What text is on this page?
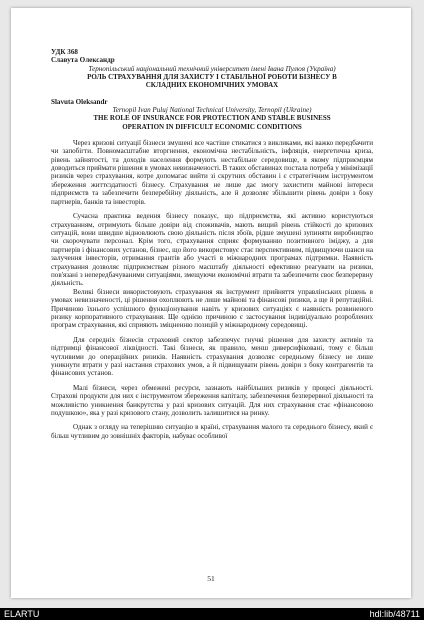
УДК 368

Славута Олександр

Тернопільський національний технічний університет імені Івана Пулюя (Україна)

РОЛЬ СТРАХУВАННЯ ДЛЯ ЗАХИСТУ І СТАБІЛЬНОЇ РОБОТИ БІЗНЕСУ В

СКЛАДНИХ ЕКОНОМІЧНИХ УМОВАХ

Slavuta Oleksandr

Ternopil Ivan Puluj National Technical University, Ternopil (Ukraine)

THE ROLE OF INSURANCE FOR PROTECTION AND STABLE BUSINESS

OPERATION IN DIFFICULT ECONOMIC CONDITIONS

Через кризові ситуації бізнеси змушені все частіше стикатися з викликами, які важко передбачити чи запобігти. Повномасштабне вторгнення, економічна нестабільність, інфляція, енергетична криза, рівень зайнятості, та доходів населення формують нестабільне середовище, в якому підприємцям доводиться приймати рішення в умовах невизначеності. В таких обставинах постала потреба у мінімізації ризиків через страхування, котре допомагає вийти зі скрутних обставин і є стратегічним інструментом збереження життєздатності бізнесу. Страхування не лише дає змогу захистити майнові інтереси підприємств та забезпечити безперебійну діяльність, але й дозволяє збільшити рівень довіри з боку партнерів, банків та інвесторів.

Сучасна практика ведення бізнесу показує, що підприємства, які активно користуються страхуванням, отримують більше довіри від споживачів, мають вищий рівень стійкості до кризових ситуацій, вони швидше відновлюють свою діяльність після збоїв, рідше змушені зупиняти виробництво чи скорочувати персонал. Крім того, страхування сприяє формуванню позитивного іміджу, а для партнерів і фінансових установ, бізнес, що його використовує стає перспективним, підвищуючи шанси на залучення інвесторів, отримання грантів або участі в міжнародних програмах підтримки. Наявність страхування дозволяє підприємствам різного масштабу діяльності ефективно реагувати на ризики, пов'язані з непередбачуваними ситуаціями, змещуючи економічні втрати та забезпечити своє безперервну діяльність.

Великі бізнеси використовують страхування як інструмент прийняття управлінських рішень в умовах невизначеності, ці рішення охоплюють не лише майнові та фінансові ризики, а ще й репутаційні. Причиною їхнього успішного функціонування навіть у кризових ситуаціях є наявність розвиненого ризику корпоративного страхування. Ще однією причиною є застосування індивідуально розроблених програм страхування, які сприяють зміцненню позицій у міжнародному середовищі.

Для середніх бізнесів страховий сектор забезпечує гнучкі рішення для захисту активів та підтримці фінансової ліквідності. Такі бізнеси, як правило, менш диверсифіковані, тому є більш чутливими до операційних ризиків. Наявність страхування дозволяє середньому бізнесу не лише уникнути втрати у разі настання страхових умов, а й підвищувати рівень довіри з боку контрагентів та фінансових установ.

Малі бізнеси, через обмежені ресурси, зазнають найбільших ризиків у процесі діяльності. Страхові продукти для них є інструментом збереження капіталу, забезпечення безперервної діяльності та можливістю уникнення банкрутства у разі кризових ситуацій. Для них страхування стає «фінансовою подушкою», яка у разі кризового стану, дозволить залишитися на ринку.

Однак з огляду на теперішню ситуацію в країні, страхування малого та середнього бізнесу, який є більш чутливим до зовнішніх факторів, набуває особливої

51
ELARTU	hdl:lib/48711
